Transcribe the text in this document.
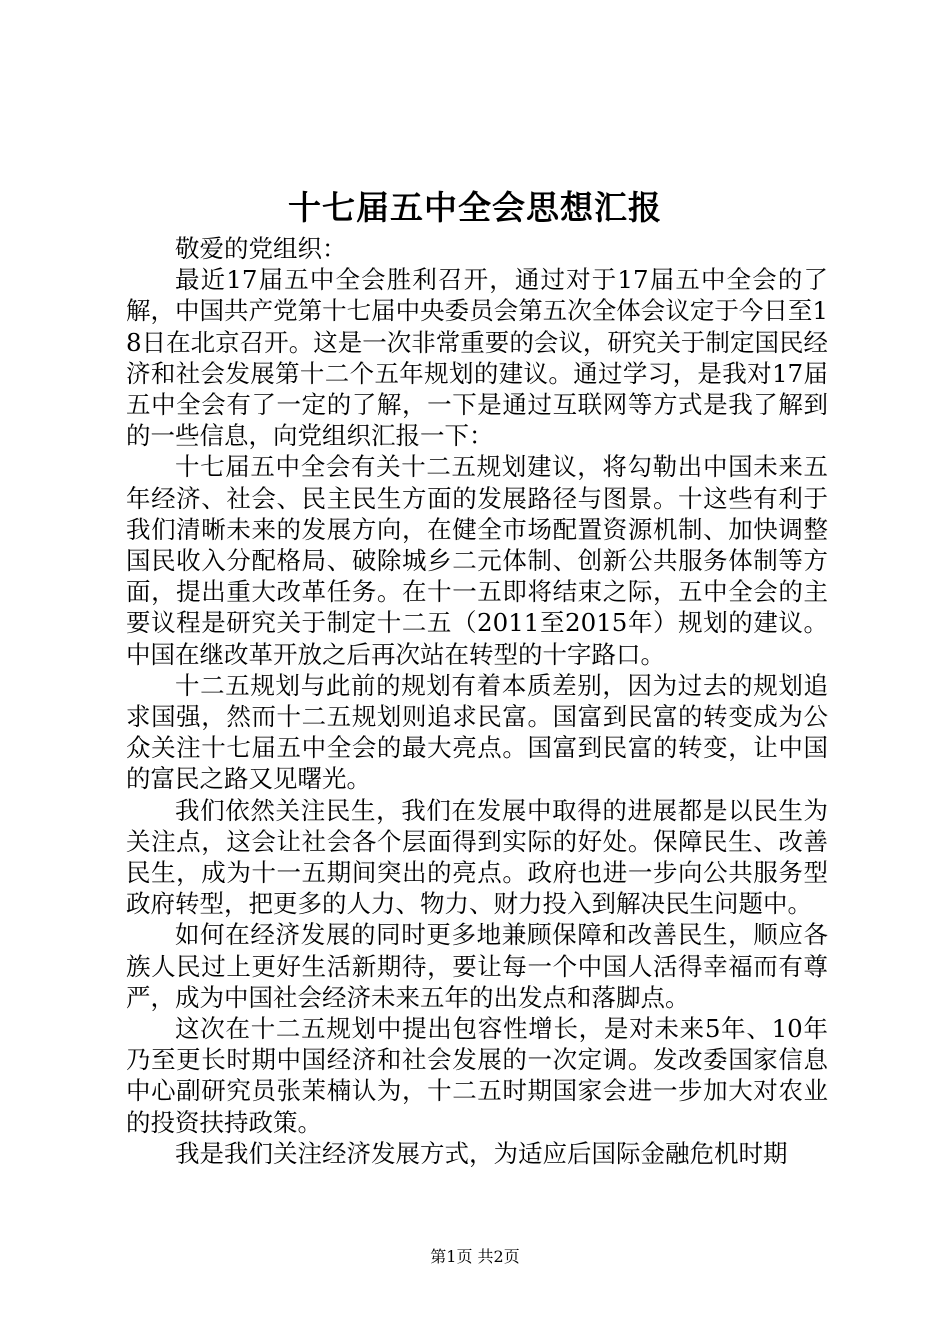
十七届五中全会思想汇报

敬爱的党组织：

最近17届五中全会胜利召开，通过对于17届五中全会的了解，中国共产党第十七届中央委员会第五次全体会议定于今日至18日在北京召开。这是一次非常重要的会议，研究关于制定国民经济和社会发展第十二个五年规划的建议。通过学习，是我对17届五中全会有了一定的了解，一下是通过互联网等方式是我了解到的一些信息，向党组织汇报一下：

十七届五中全会有关十二五规划建议，将勾勒出中国未来五年经济、社会、民主民生方面的发展路径与图景。十这些有利于我们清晰未来的发展方向，在健全市场配置资源机制、加快调整国民收入分配格局、破除城乡二元体制、创新公共服务体制等方面，提出重大改革任务。在十一五即将结束之际，五中全会的主要议程是研究关于制定十二五（2011至2015年）规划的建议。中国在继改革开放之后再次站在转型的十字路口。

十二五规划与此前的规划有着本质差别，因为过去的规划追求国强，然而十二五规划则追求民富。国富到民富的转变成为公众关注十七届五中全会的最大亮点。国富到民富的转变，让中国的富民之路又见曙光。

我们依然关注民生，我们在发展中取得的进展都是以民生为关注点，这会让社会各个层面得到实际的好处。保障民生、改善民生，成为十一五期间突出的亮点。政府也进一步向公共服务型政府转型，把更多的人力、物力、财力投入到解决民生问题中。

如何在经济发展的同时更多地兼顾保障和改善民生，顺应各族人民过上更好生活新期待，要让每一个中国人活得幸福而有尊严，成为中国社会经济未来五年的出发点和落脚点。

这次在十二五规划中提出包容性增长，是对未来5年、10年乃至更长时期中国经济和社会发展的一次定调。发改委国家信息中心副研究员张茉楠认为，十二五时期国家会进一步加大对农业的投资扶持政策。

我是我们关注经济发展方式，为适应后国际金融危机时期

第1页 共2页
